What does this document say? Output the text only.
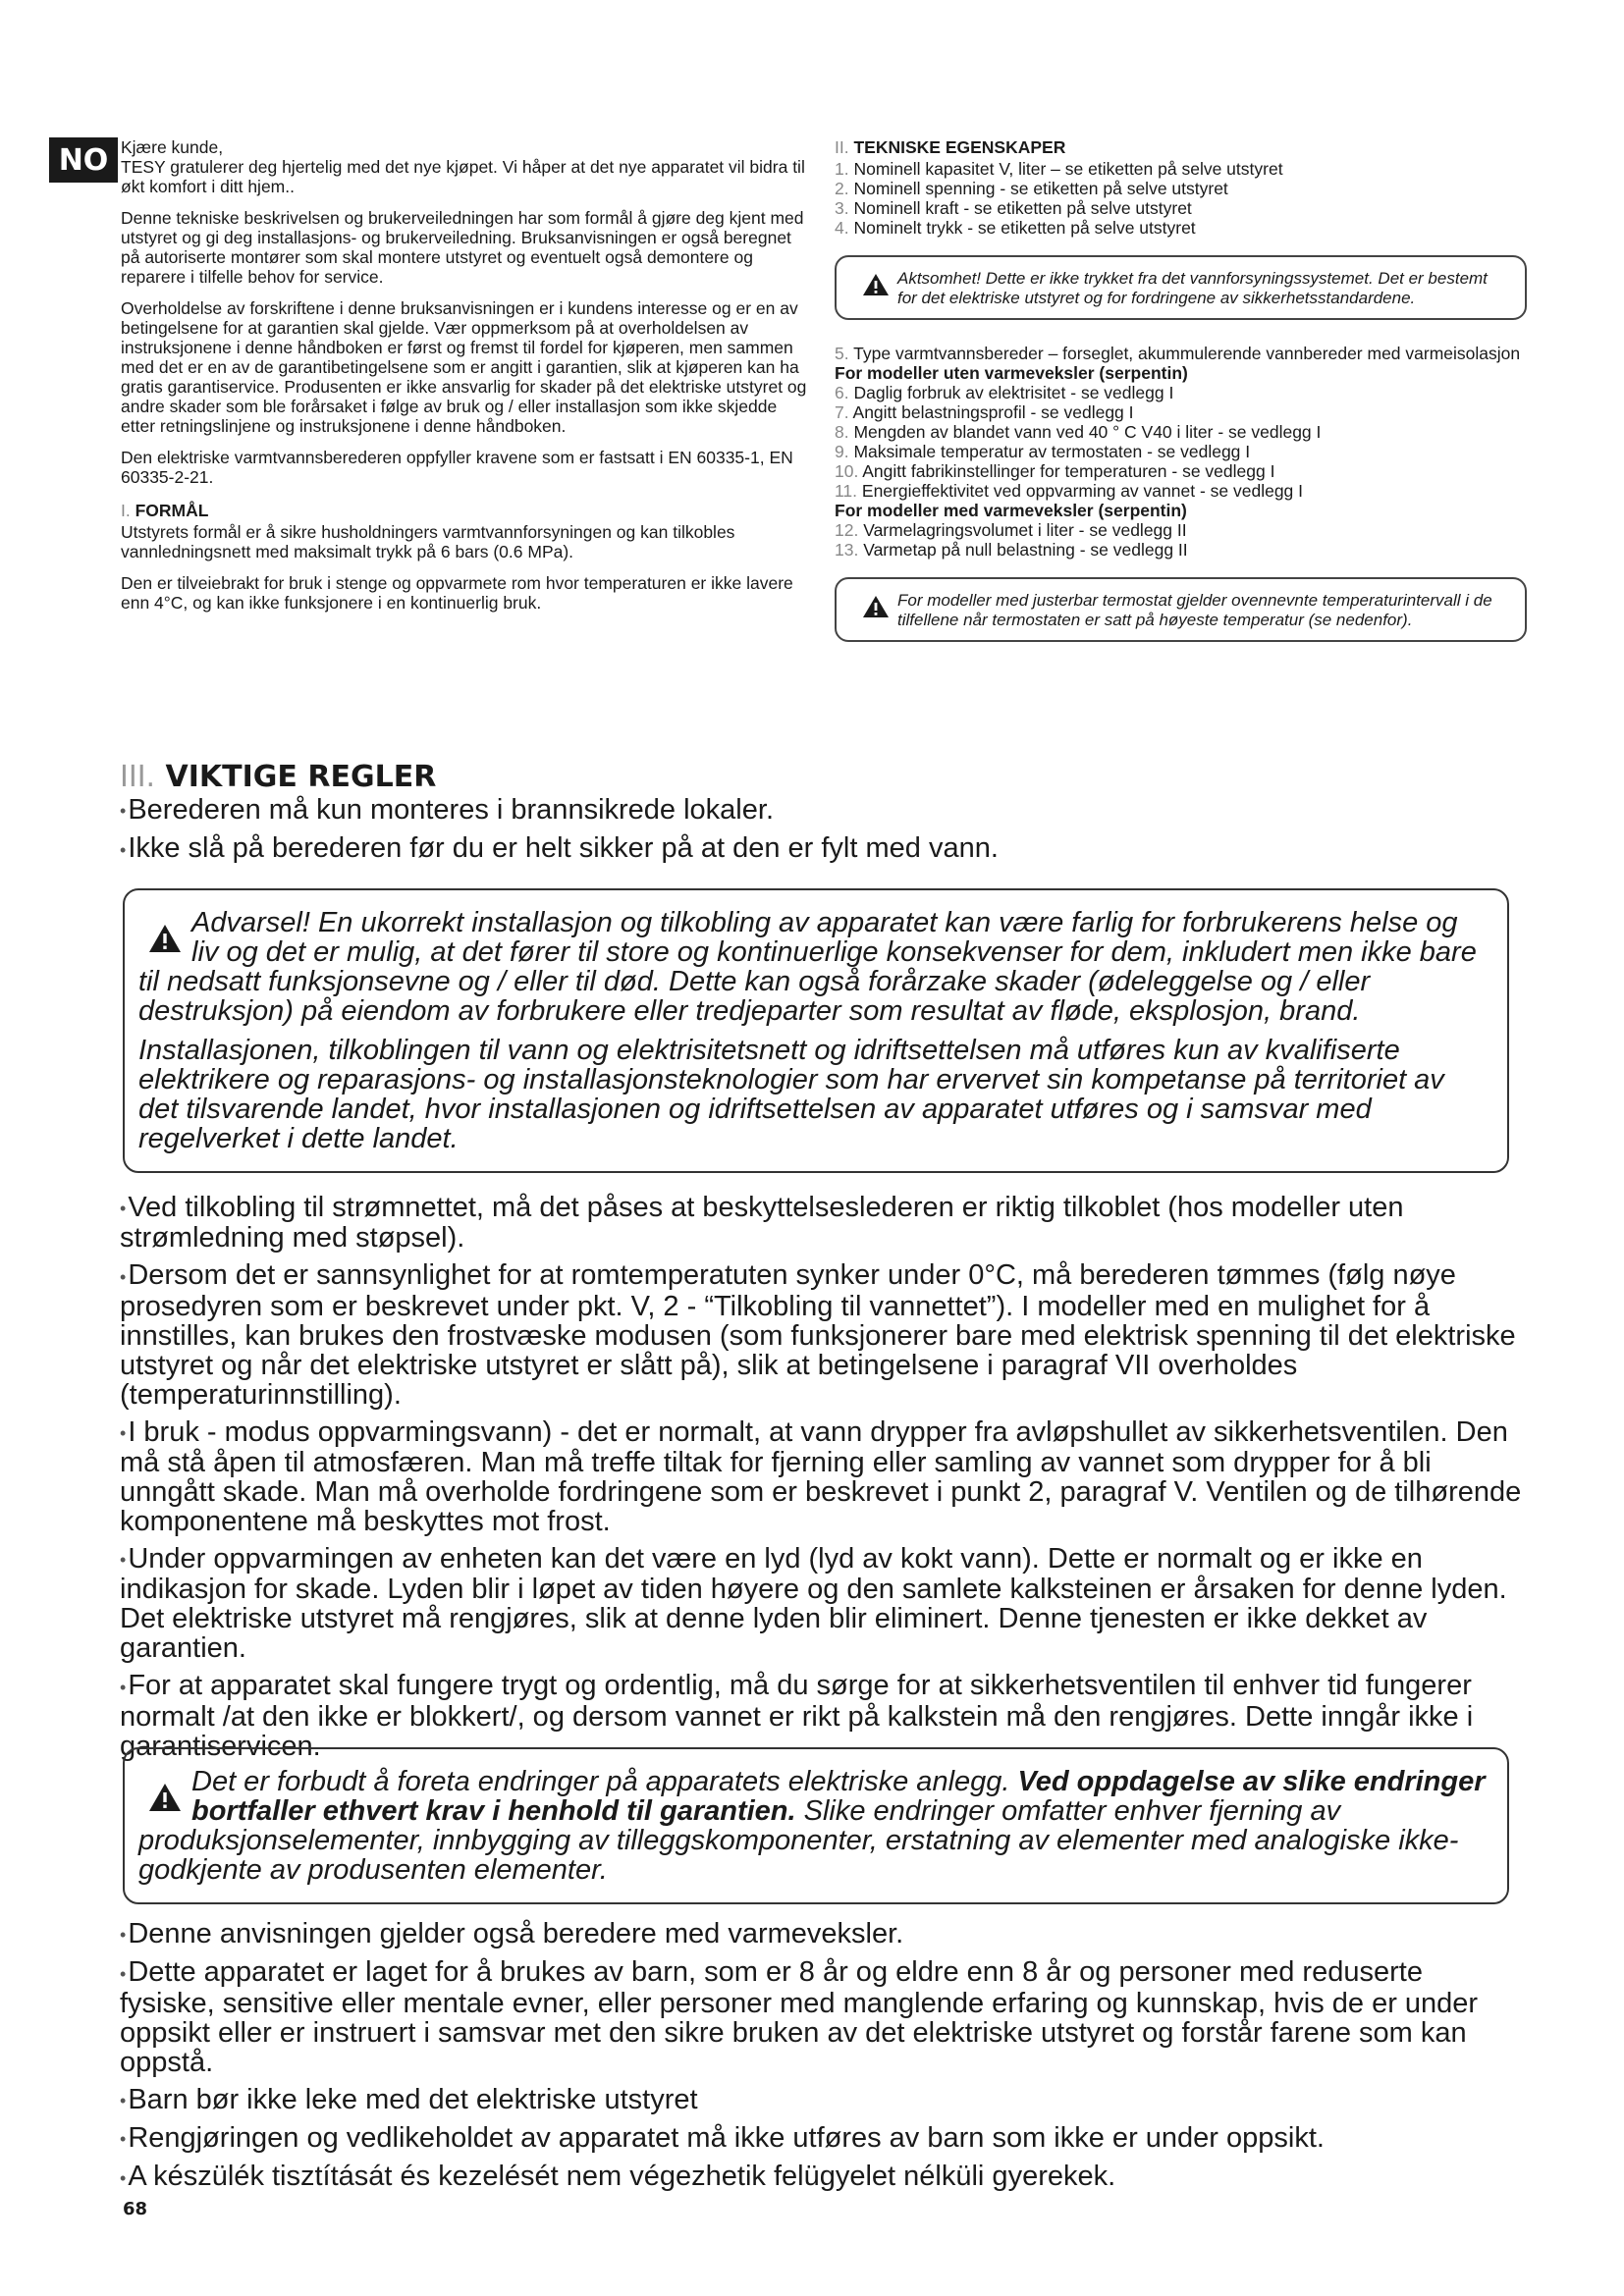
NO Kjære kunde,

TESY gratulerer deg hjertelig med det nye kjøpet. Vi håper at det nye apparatet vil bidra til økt komfort i ditt hjem..

Denne tekniske beskrivelsen og brukerveiledningen har som formål å gjøre deg kjent med utstyret og gi deg installasjons- og brukerveiledning. Bruksanvisningen er også beregnet på autoriserte montører som skal montere utstyret og eventuelt også demontere og reparere i tilfelle behov for service.

Overholdelse av forskriftene i denne bruksanvisningen er i kundens interesse og er en av betingelsene for at garantien skal gjelde. Vær oppmerksom på at overholdelsen av instruksjonene i denne håndboken er først og fremst til fordel for kjøperen, men sammen med det er en av de garantibetingelsene som er angitt i garantien, slik at kjøperen kan ha gratis garantiservice. Produsenten er ikke ansvarlig for skader på det elektriske utstyret og andre skader som ble forårsaket i følge av bruk og / eller installasjon som ikke skjedde etter retningslinjene og instruksjonene i denne håndboken.

Den elektriske varmtvannsberederen oppfyller kravene som er fastsatt i EN 60335-1, EN 60335-2-21.

I. FORMÅL

Utstyrets formål er å sikre husholdningers varmtvannforsyningen og kan tilkobles vannledningsnett med maksimalt trykk på 6 bars (0.6 MPa).

Den er tilveiebrakt for bruk i stenge og oppvarmete rom hvor temperaturen er ikke lavere enn 4°C, og kan ikke funksjonere i en kontinuerlig bruk.

II. TEKNISKE EGENSKAPER
1. Nominell kapasitet V, liter – se etiketten på selve utstyret
2. Nominell spenning - se etiketten på selve utstyret
3. Nominell kraft - se etiketten på selve utstyret
4. Nominelt trykk - se etiketten på selve utstyret
Aktsomhet! Dette er ikke trykket fra det vannforsyningssystemet. Det er bestemt for det elektriske utstyret og for fordringene av sikkerhetsstandardene.
5. Type varmtvannsbereder – forseglet, akummulerende vannbereder med varmeisolasjon
For modeller uten varmeveksler (serpentin)
6. Daglig forbruk av elektrisitet - se vedlegg I
7. Angitt belastningsprofil - se vedlegg I
8. Mengden av blandet vann ved 40 ° C V40 i liter - se vedlegg I
9. Maksimale temperatur av termostaten - se vedlegg I
10. Angitt fabrikinstellinger for temperaturen - se vedlegg I
11. Energieffektivitet ved oppvarming av vannet - se vedlegg I
For modeller med varmeveksler (serpentin)
12. Varmelagringsvolumet i liter - se vedlegg II
13. Varmetap på null belastning - se vedlegg II
For modeller med justerbar termostat gjelder ovennevnte temperaturintervall i de tilfellene når termostaten er satt på høyeste temperatur (se nedenfor).
III. VIKTIGE REGLER

• Berederen må kun monteres i brannsikrede lokaler.

• Ikke slå på berederen før du er helt sikker på at den er fylt med vann.

Advarsel! En ukorrekt installasjon og tilkobling av apparatet kan være farlig for forbrukerens helse og liv og det er mulig, at det fører til store og kontinuerlige konsekvenser for dem, inkludert men ikke bare til nedsatt funksjonsevne og / eller til død. Dette kan også forårzake skader (ødeleggelse og / eller destruksjon) på eiendom av forbrukere eller tredjeparter som resultat av fløde, eksplosjon, brand.

Installasjonen, tilkoblingen til vann og elektrisitetsnett og idriftsettelsen må utføres kun av kvalifiserte elektrikere og reparasjons- og installasjonsteknologier som har ervervet sin kompetanse på territoriet av det tilsvarende landet, hvor installasjonen og idriftsettelsen av apparatet utføres og i samsvar med regelverket i dette landet.

• Ved tilkobling til strømnettet, må det påses at beskyttelseslederen er riktig tilkoblet (hos modeller uten strømledning med støpsel).

• Dersom det er sannsynlighet for at romtemperatuten synker under 0°C, må berederen tømmes (følg nøye prosedyren som er beskrevet under pkt. V, 2 - “Tilkobling til vannettet”). I modeller med en mulighet for å innstilles, kan brukes den frostvæske modusen (som funksjonerer bare med elektrisk spenning til det elektriske utstyret og når det elektriske utstyret er slått på), slik at betingelsene i paragraf VII overholdes (temperaturinnstilling).

• I bruk - modus oppvarmingsvann) - det er normalt, at vann drypper fra avløpshullet av sikkerhetsventilen. Den må stå åpen til atmosfæren. Man må treffe tiltak for fjerning eller samling av vannet som drypper for å bli unngått skade. Man må overholde fordringene som er beskrevet i punkt 2, paragraf V. Ventilen og de tilhørende komponentene må beskyttes mot frost.

• Under oppvarmingen av enheten kan det være en lyd (lyd av kokt vann). Dette er normalt og er ikke en indikasjon for skade. Lyden blir i løpet av tiden høyere og den samlete kalksteinen er årsaken for denne lyden. Det elektriske utstyret må rengjøres, slik at denne lyden blir eliminert. Denne tjenesten er ikke dekket av garantien.

• For at apparatet skal fungere trygt og ordentlig, må du sørge for at sikkerhetsventilen til enhver tid fungerer normalt /at den ikke er blokkert/, og dersom vannet er rikt på kalkstein må den rengjøres. Dette inngår ikke i garantiservicen.

Det er forbudt å foreta endringer på apparatets elektriske anlegg. Ved oppdagelse av slike endringer bortfaller ethvert krav i henhold til garantien. Slike endringer omfatter enhver fjerning av produksjonselementer, innbygging av tilleggskomponenter, erstatning av elementer med analogiske ikke-godkjente av produsenten elementer.

• Denne anvisningen gjelder også beredere med varmeveksler.

• Dette apparatet er laget for å brukes av barn, som er 8 år og eldre enn 8 år og personer med reduserte fysiske, sensitive eller mentale evner, eller personer med manglende erfaring og kunnskap, hvis de er under oppsikt eller er instruert i samsvar met den sikre bruken av det elektriske utstyret og forstår farene som kan oppstå.

• Barn bør ikke leke med det elektriske utstyret

• Rengjøringen og vedlikeholdet av apparatet må ikke utføres av barn som ikke er under oppsikt.

• A készülék tisztítását és kezelését nem végezhetik felügyelet nélküli gyerekek.

68
